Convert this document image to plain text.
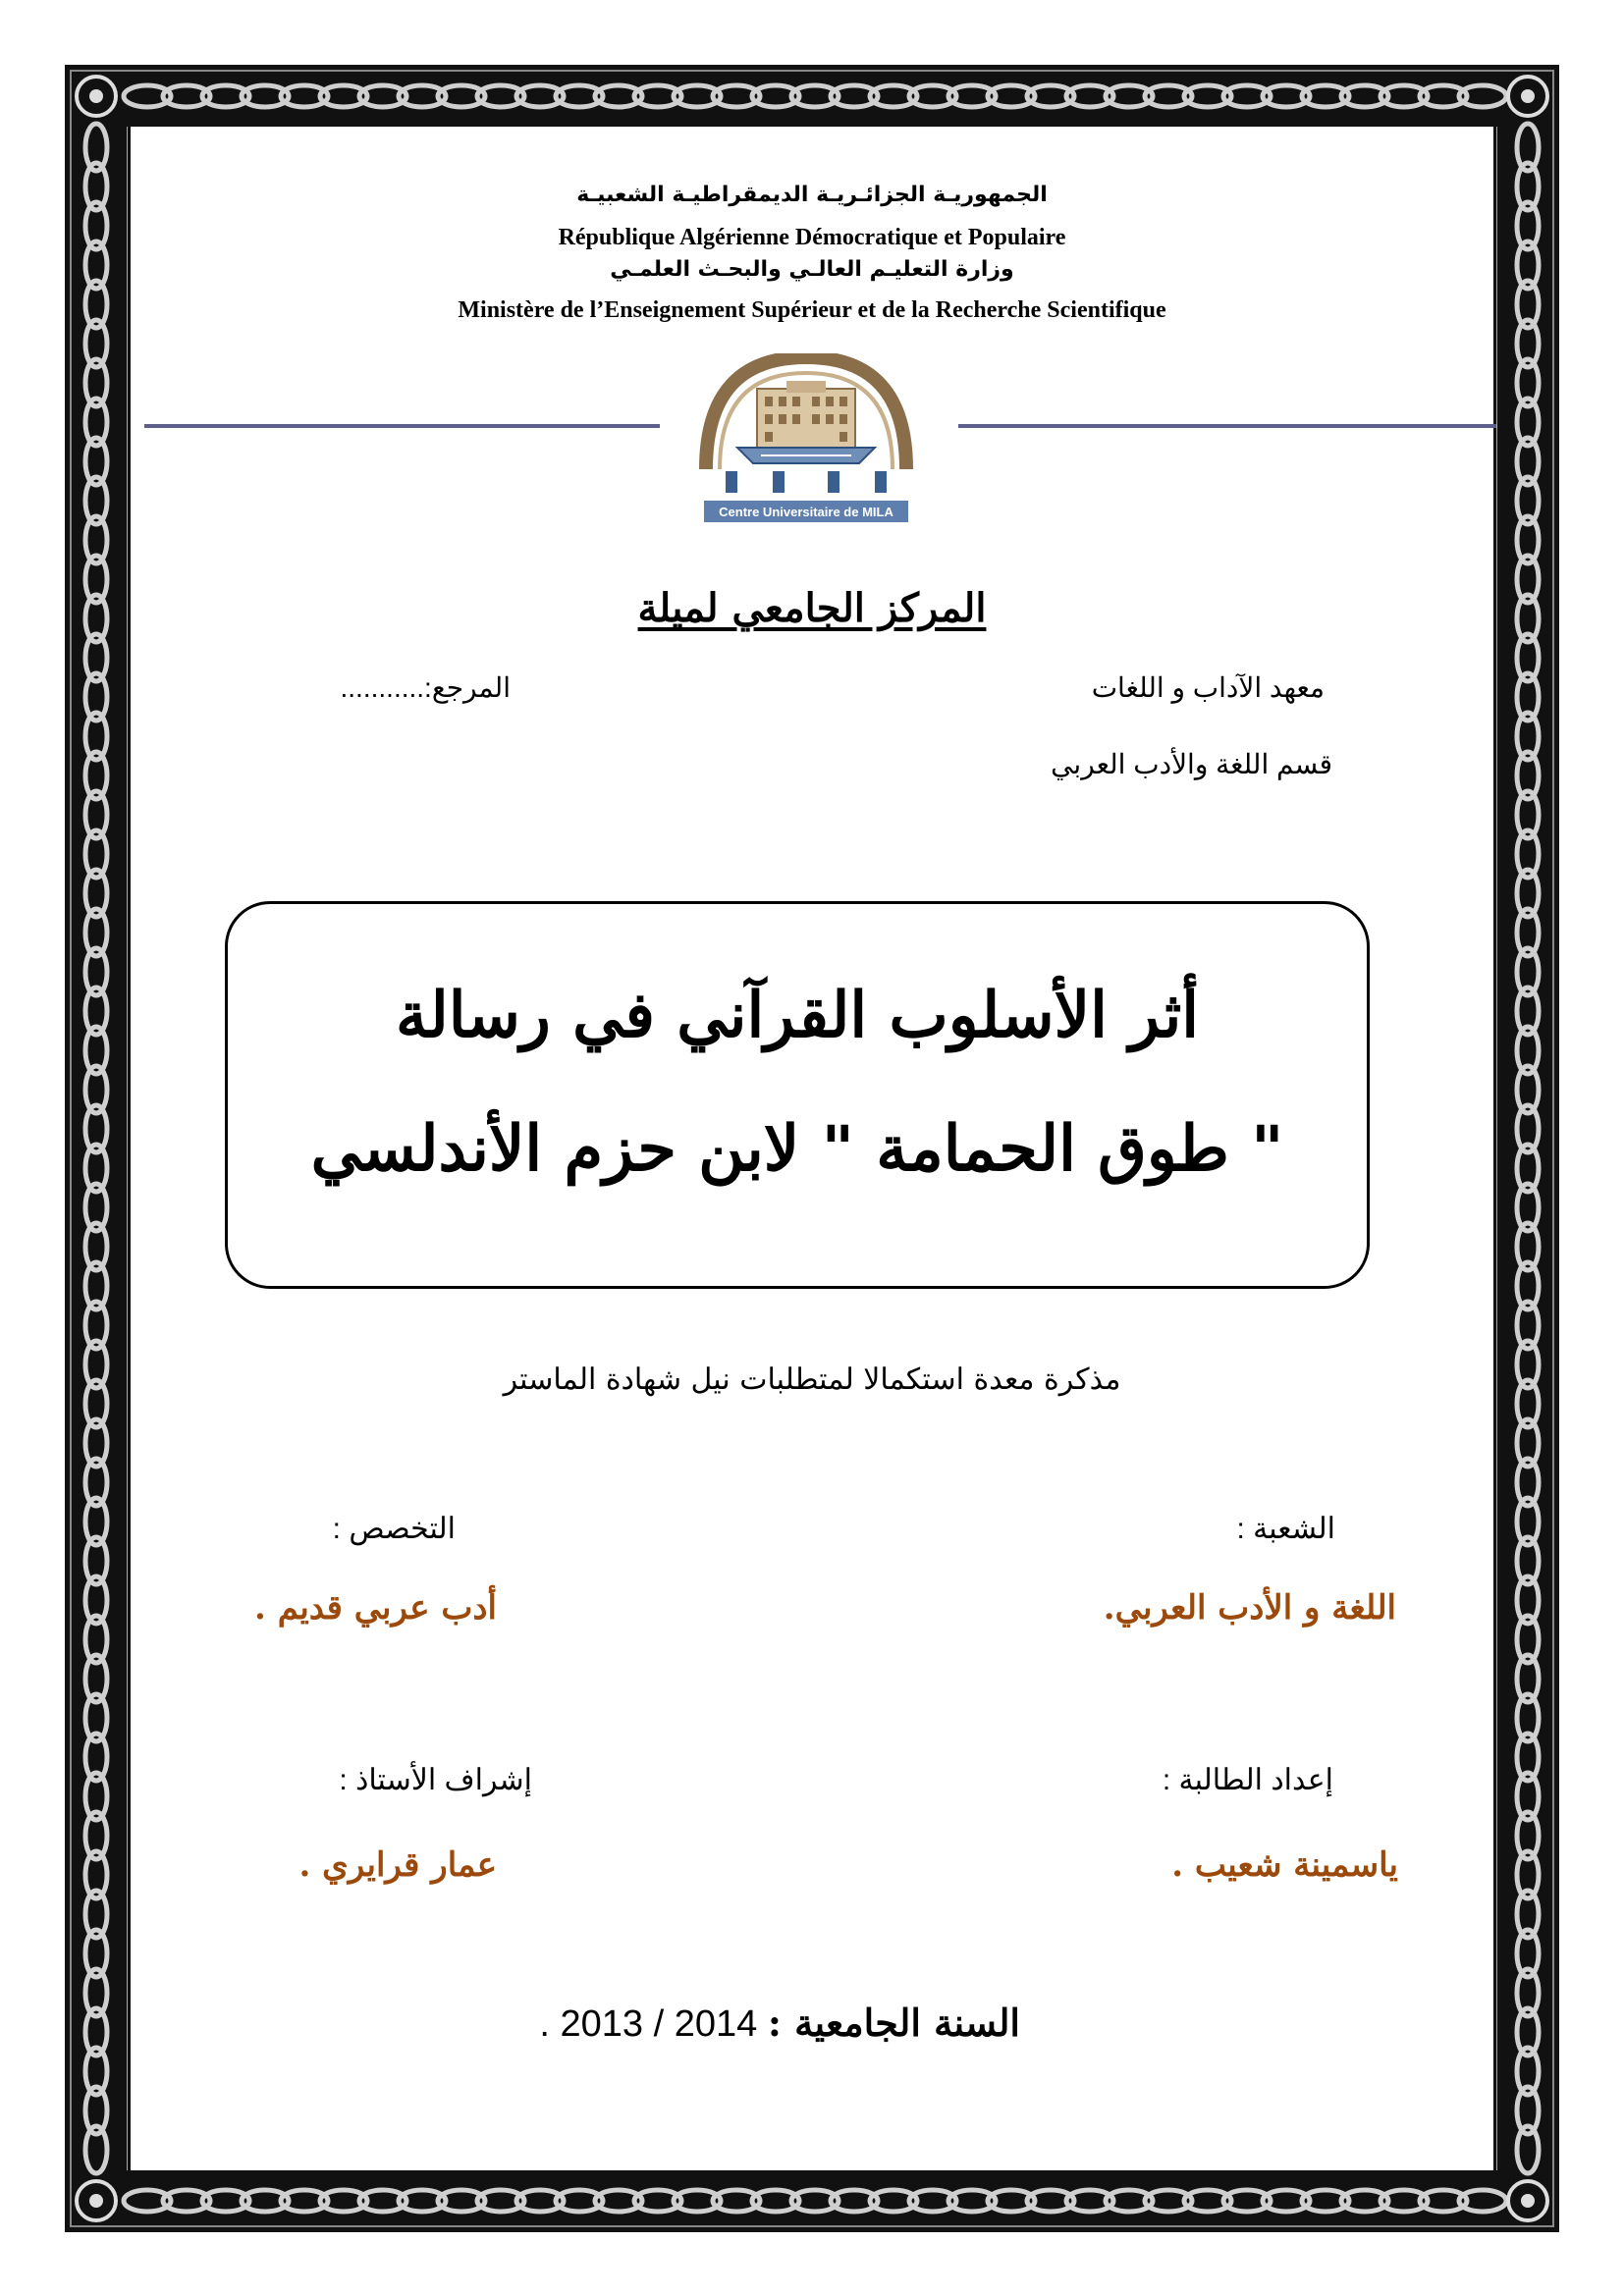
الجمهوريـة الجزائـريـة الديمقراطيـة الشعبيـة
République Algérienne Démocratique et Populaire
وزارة التعليـم العالـي والبحـث العلمـي
Ministère de l’Enseignement Supérieur et de la Recherche Scientifique
Centre Universitaire de MILA
المركز الجامعي لميلة
معهد الآداب و اللغات
المرجع:...........
قسم اللغة والأدب العربي
أثر الأسلوب القرآني في رسالة
" طوق الحمامة " لابن حزم الأندلسي
مذكرة معدة استكمالا لمتطلبات نيل شهادة الماستر
الشعبة :
التخصص :
اللغة و الأدب العربي.
أدب عربي قديم .
إعداد الطالبة :
إشراف الأستاذ :
ياسمينة شعيب .
عمار قرايري .
السنة الجامعية : 2014 / 2013 .
